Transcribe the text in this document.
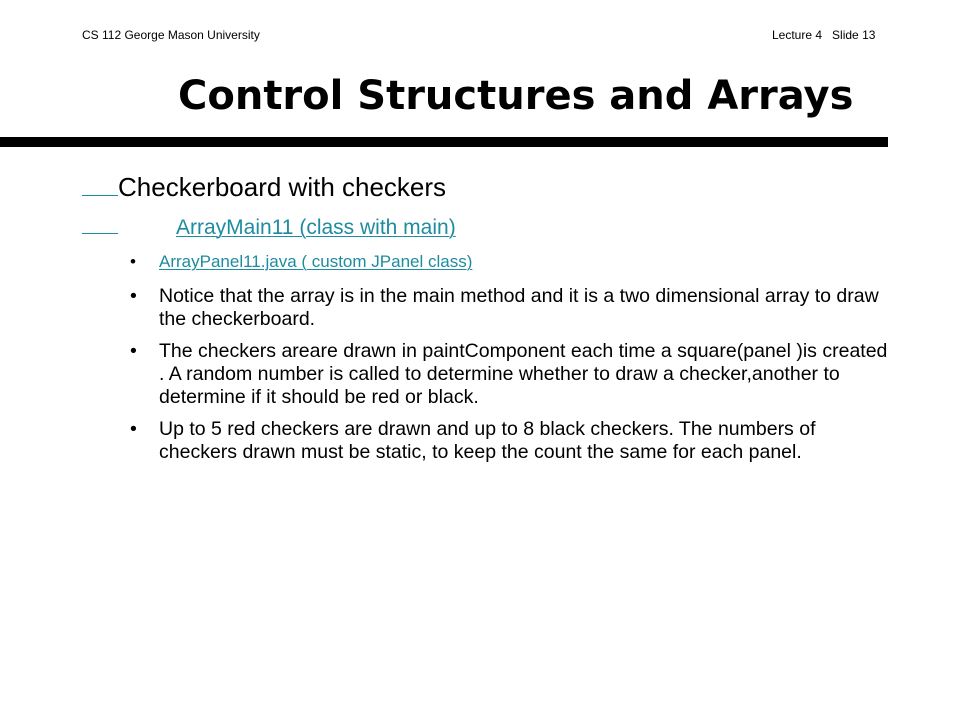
CS 112 George Mason University	Lecture 4 Slide 13
Control Structures and Arrays
Checkerboard with checkers
ArrayMain11 (class with main)
• ArrayPanel11.java ( custom JPanel class)
• Notice that the array is in the main method and it is a two dimensional array to draw the checkerboard.
• The checkers areare drawn in paintComponent each time a square(panel )is created . A random number is called to determine whether to draw a checker,another to determine if it should be red or black.
• Up to 5 red checkers are drawn and up to 8 black checkers. The numbers of checkers drawn must be static, to keep the count the same for each panel.
